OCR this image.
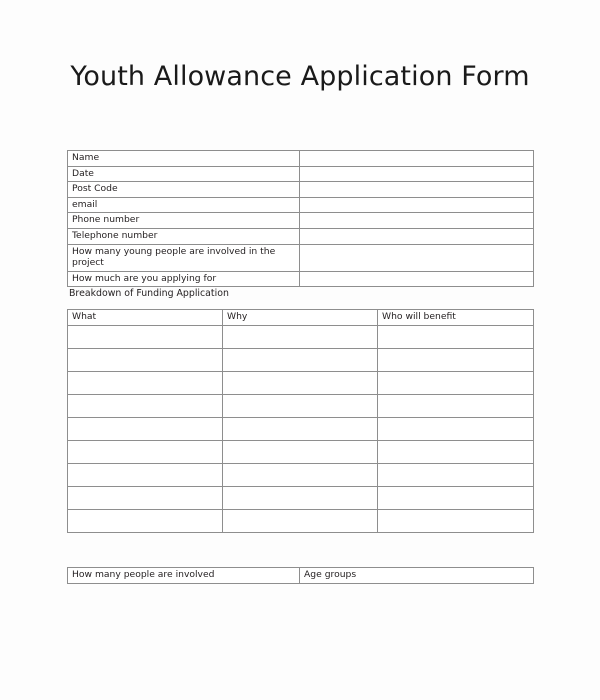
Youth Allowance Application Form
Name	
Date	
Post Code	
email	
Phone number	
Telephone number	
How many young people are involved in the project	
How much are you applying for	
Breakdown of Funding Application
What	Why	Who will benefit

How many people are involved	Age groups
